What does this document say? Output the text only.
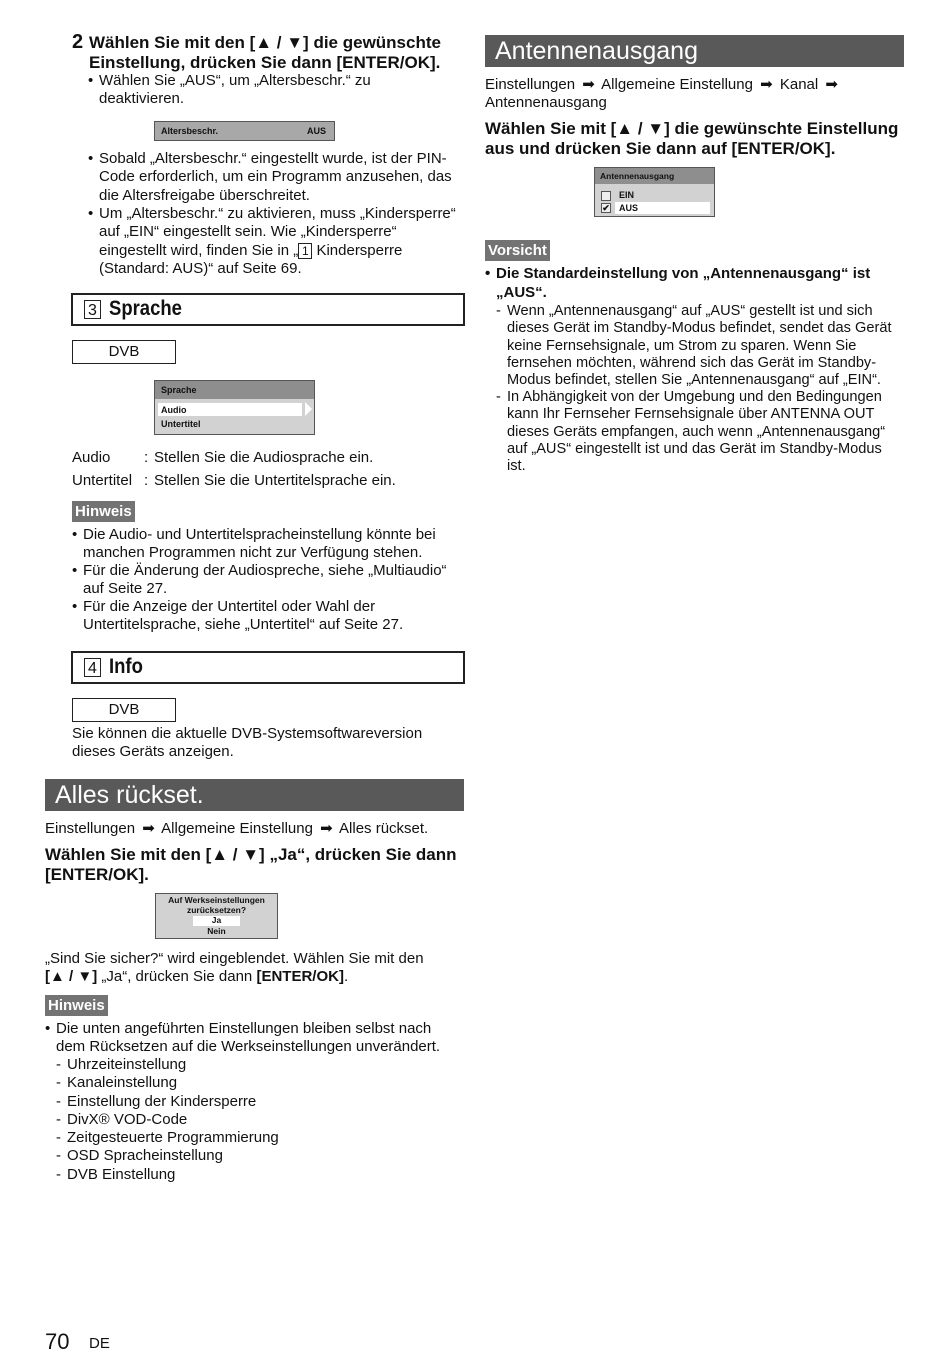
2 Wählen Sie mit den [▲ / ▼] die gewünschte
Einstellung, drücken Sie dann [ENTER/OK].
• Wählen Sie „AUS“, um „Altersbeschr.“ zu
deaktivieren.
Altersbeschr.	AUS
• Sobald „Altersbeschr.“ eingestellt wurde, ist der PIN-
Code erforderlich, um ein Programm anzusehen, das
die Altersfreigabe überschreitet.
• Um „Altersbeschr.“ zu aktivieren, muss „Kindersperre“
auf „EIN“ eingestellt sein. Wie „Kindersperre“
eingestellt wird, finden Sie in „ 1 Kindersperre
(Standard: AUS)“ auf Seite 69.
3 Sprache
DVB
Sprache
Audio
Untertitel
Audio : Stellen Sie die Audiosprache ein.
Untertitel : Stellen Sie die Untertitelsprache ein.
Hinweis
• Die Audio- und Untertitelspracheinstellung könnte bei
manchen Programmen nicht zur Verfügung stehen.
• Für die Änderung der Audiospreche, siehe „Multiaudio“
auf Seite 27.
• Für die Anzeige der Untertitel oder Wahl der
Untertitelsprache, siehe „Untertitel“ auf Seite 27.
4 Info
DVB
Sie können die aktuelle DVB-Systemsoftwareversion
dieses Geräts anzeigen.
Alles rückset.
Einstellungen ➡ Allgemeine Einstellung ➡ Alles rückset.
Wählen Sie mit den [▲ / ▼] „Ja“, drücken Sie dann
[ENTER/OK].
Auf Werkseinstellungen
zurücksetzen?
Ja
Nein
„Sind Sie sicher?“ wird eingeblendet. Wählen Sie mit den
[▲ / ▼] „Ja“, drücken Sie dann [ENTER/OK].
Hinweis
• Die unten angeführten Einstellungen bleiben selbst nach
dem Rücksetzen auf die Werkseinstellungen unverändert.
- Uhrzeiteinstellung
- Kanaleinstellung
- Einstellung der Kindersperre
- DivX® VOD-Code
- Zeitgesteuerte Programmierung
- OSD Spracheinstellung
- DVB Einstellung
Antennenausgang
Einstellungen ➡ Allgemeine Einstellung ➡ Kanal ➡
Antennenausgang
Wählen Sie mit [▲ / ▼] die gewünschte Einstellung
aus und drücken Sie dann auf [ENTER/OK].
Antennenausgang
EIN
✔ AUS
Vorsicht
• Die Standardeinstellung von „Antennenausgang“ ist
„AUS“.
- Wenn „Antennenausgang“ auf „AUS“ gestellt ist und sich
dieses Gerät im Standby-Modus befindet, sendet das Gerät
keine Fernsehsignale, um Strom zu sparen. Wenn Sie
fernsehen möchten, während sich das Gerät im Standby-
Modus befindet, stellen Sie „Antennenausgang“ auf „EIN“.
- In Abhängigkeit von der Umgebung und den Bedingungen
kann Ihr Fernseher Fernsehsignale über ANTENNA OUT
dieses Geräts empfangen, auch wenn „Antennenausgang“
auf „AUS“ eingestellt ist und das Gerät im Standby-Modus
ist.
70 DE
